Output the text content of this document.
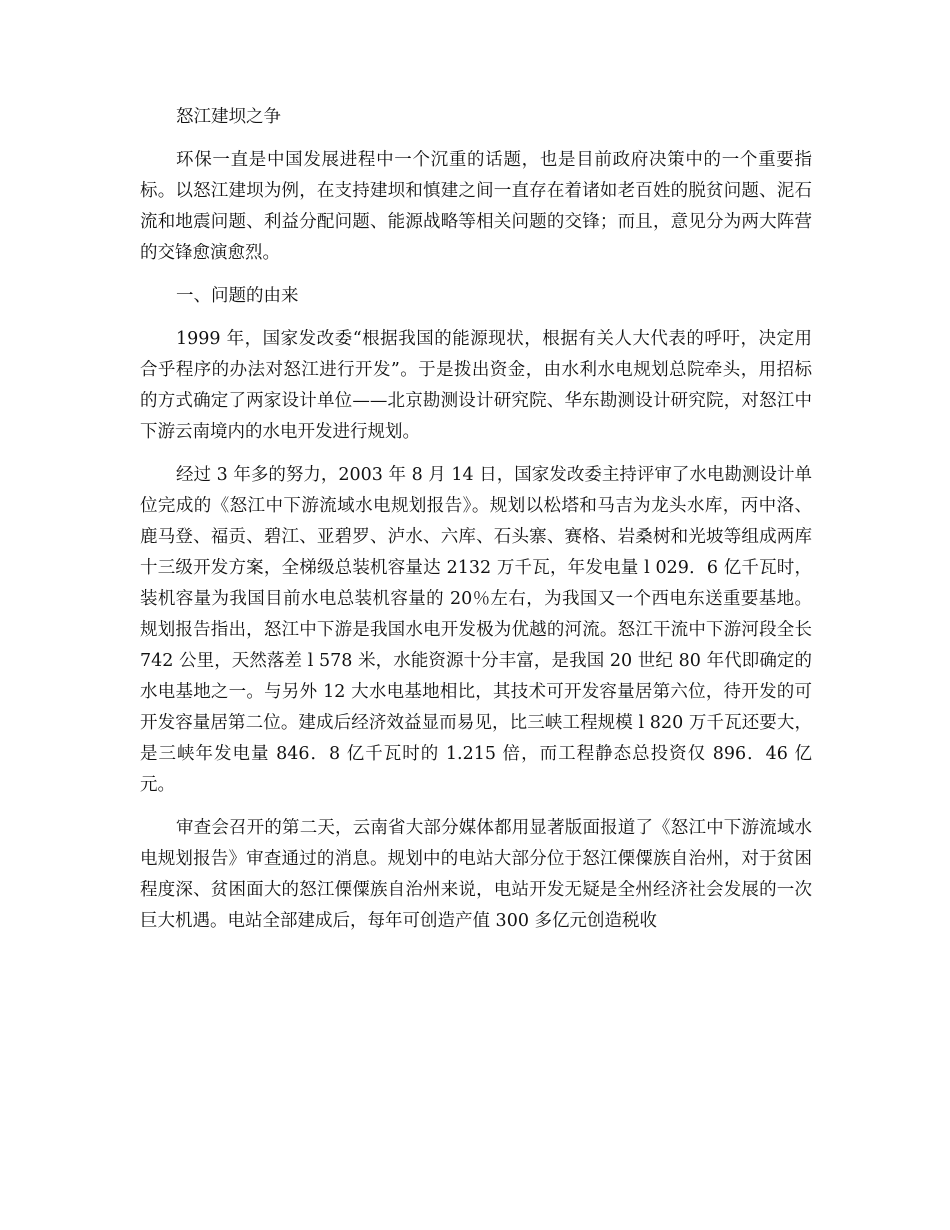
怒江建坝之争

环保一直是中国发展进程中一个沉重的话题，也是目前政府决策中的一个重要指标。以怒江建坝为例，在支持建坝和慎建之间一直存在着诸如老百姓的脱贫问题、泥石流和地震问题、利益分配问题、能源战略等相关问题的交锋；而且，意见分为两大阵营的交锋愈演愈烈。

一、问题的由来

1999 年，国家发改委“根据我国的能源现状，根据有关人大代表的呼吁，决定用合乎程序的办法对怒江进行开发”。于是拨出资金，由水利水电规划总院牵头，用招标的方式确定了两家设计单位——北京勘测设计研究院、华东勘测设计研究院，对怒江中下游云南境内的水电开发进行规划。

经过 3 年多的努力，2003 年 8 月 14 日，国家发改委主持评审了水电勘测设计单位完成的《怒江中下游流域水电规划报告》。规划以松塔和马吉为龙头水库，丙中洛、鹿马登、福贡、碧江、亚碧罗、泸水、六库、石头寨、赛格、岩桑树和光坡等组成两库十三级开发方案，全梯级总装机容量达 2132 万千瓦，年发电量 l 029．6 亿千瓦时，装机容量为我国目前水电总装机容量的 20％左右，为我国又一个西电东送重要基地。规划报告指出，怒江中下游是我国水电开发极为优越的河流。怒江干流中下游河段全长 742 公里，天然落差 l 578 米，水能资源十分丰富，是我国 20 世纪 80 年代即确定的水电基地之一。与另外 12 大水电基地相比，其技术可开发容量居第六位，待开发的可开发容量居第二位。建成后经济效益显而易见，比三峡工程规模 l 820 万千瓦还要大，是三峡年发电量 846．8 亿千瓦时的 1.215 倍，而工程静态总投资仅 896．46 亿元。

审查会召开的第二天，云南省大部分媒体都用显著版面报道了《怒江中下游流域水电规划报告》审查通过的消息。规划中的电站大部分位于怒江傈僳族自治州，对于贫困程度深、贫困面大的怒江傈僳族自治州来说，电站开发无疑是全州经济社会发展的一次巨大机遇。电站全部建成后，每年可创造产值 300 多亿元创造税收
